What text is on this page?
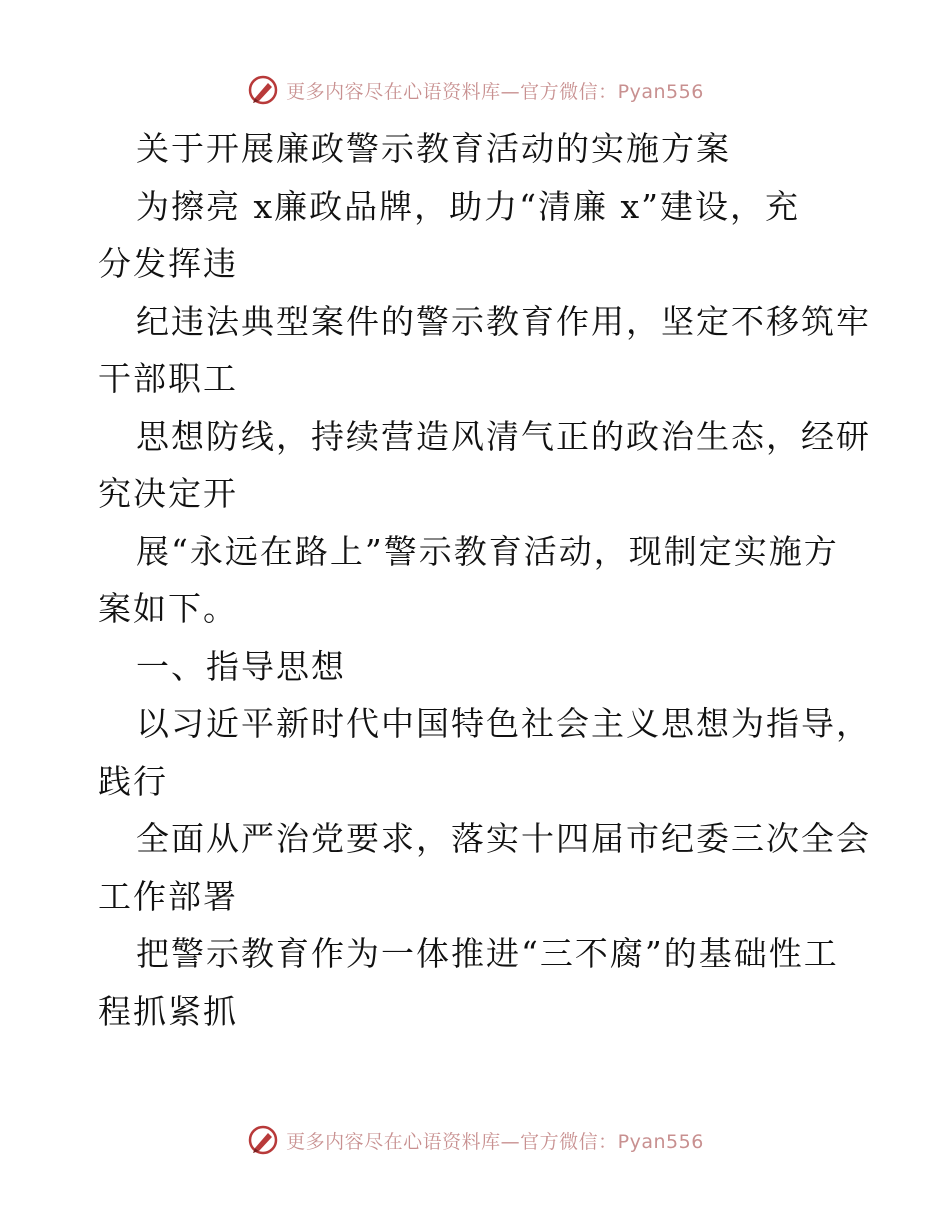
更多内容尽在心语资料库—官方微信：Pyan556
关于开展廉政警示教育活动的实施方案
为擦亮 x廉政品牌，助力“清廉 x”建设，充
分发挥违
纪违法典型案件的警示教育作用，坚定不移筑牢
干部职工
思想防线，持续营造风清气正的政治生态，经研
究决定开
展“永远在路上”警示教育活动，现制定实施方
案如下。
一、指导思想
以习近平新时代中国特色社会主义思想为指导，
践行
全面从严治党要求，落实十四届市纪委三次全会
工作部署
把警示教育作为一体推进“三不腐”的基础性工
程抓紧抓
更多内容尽在心语资料库—官方微信：Pyan556
